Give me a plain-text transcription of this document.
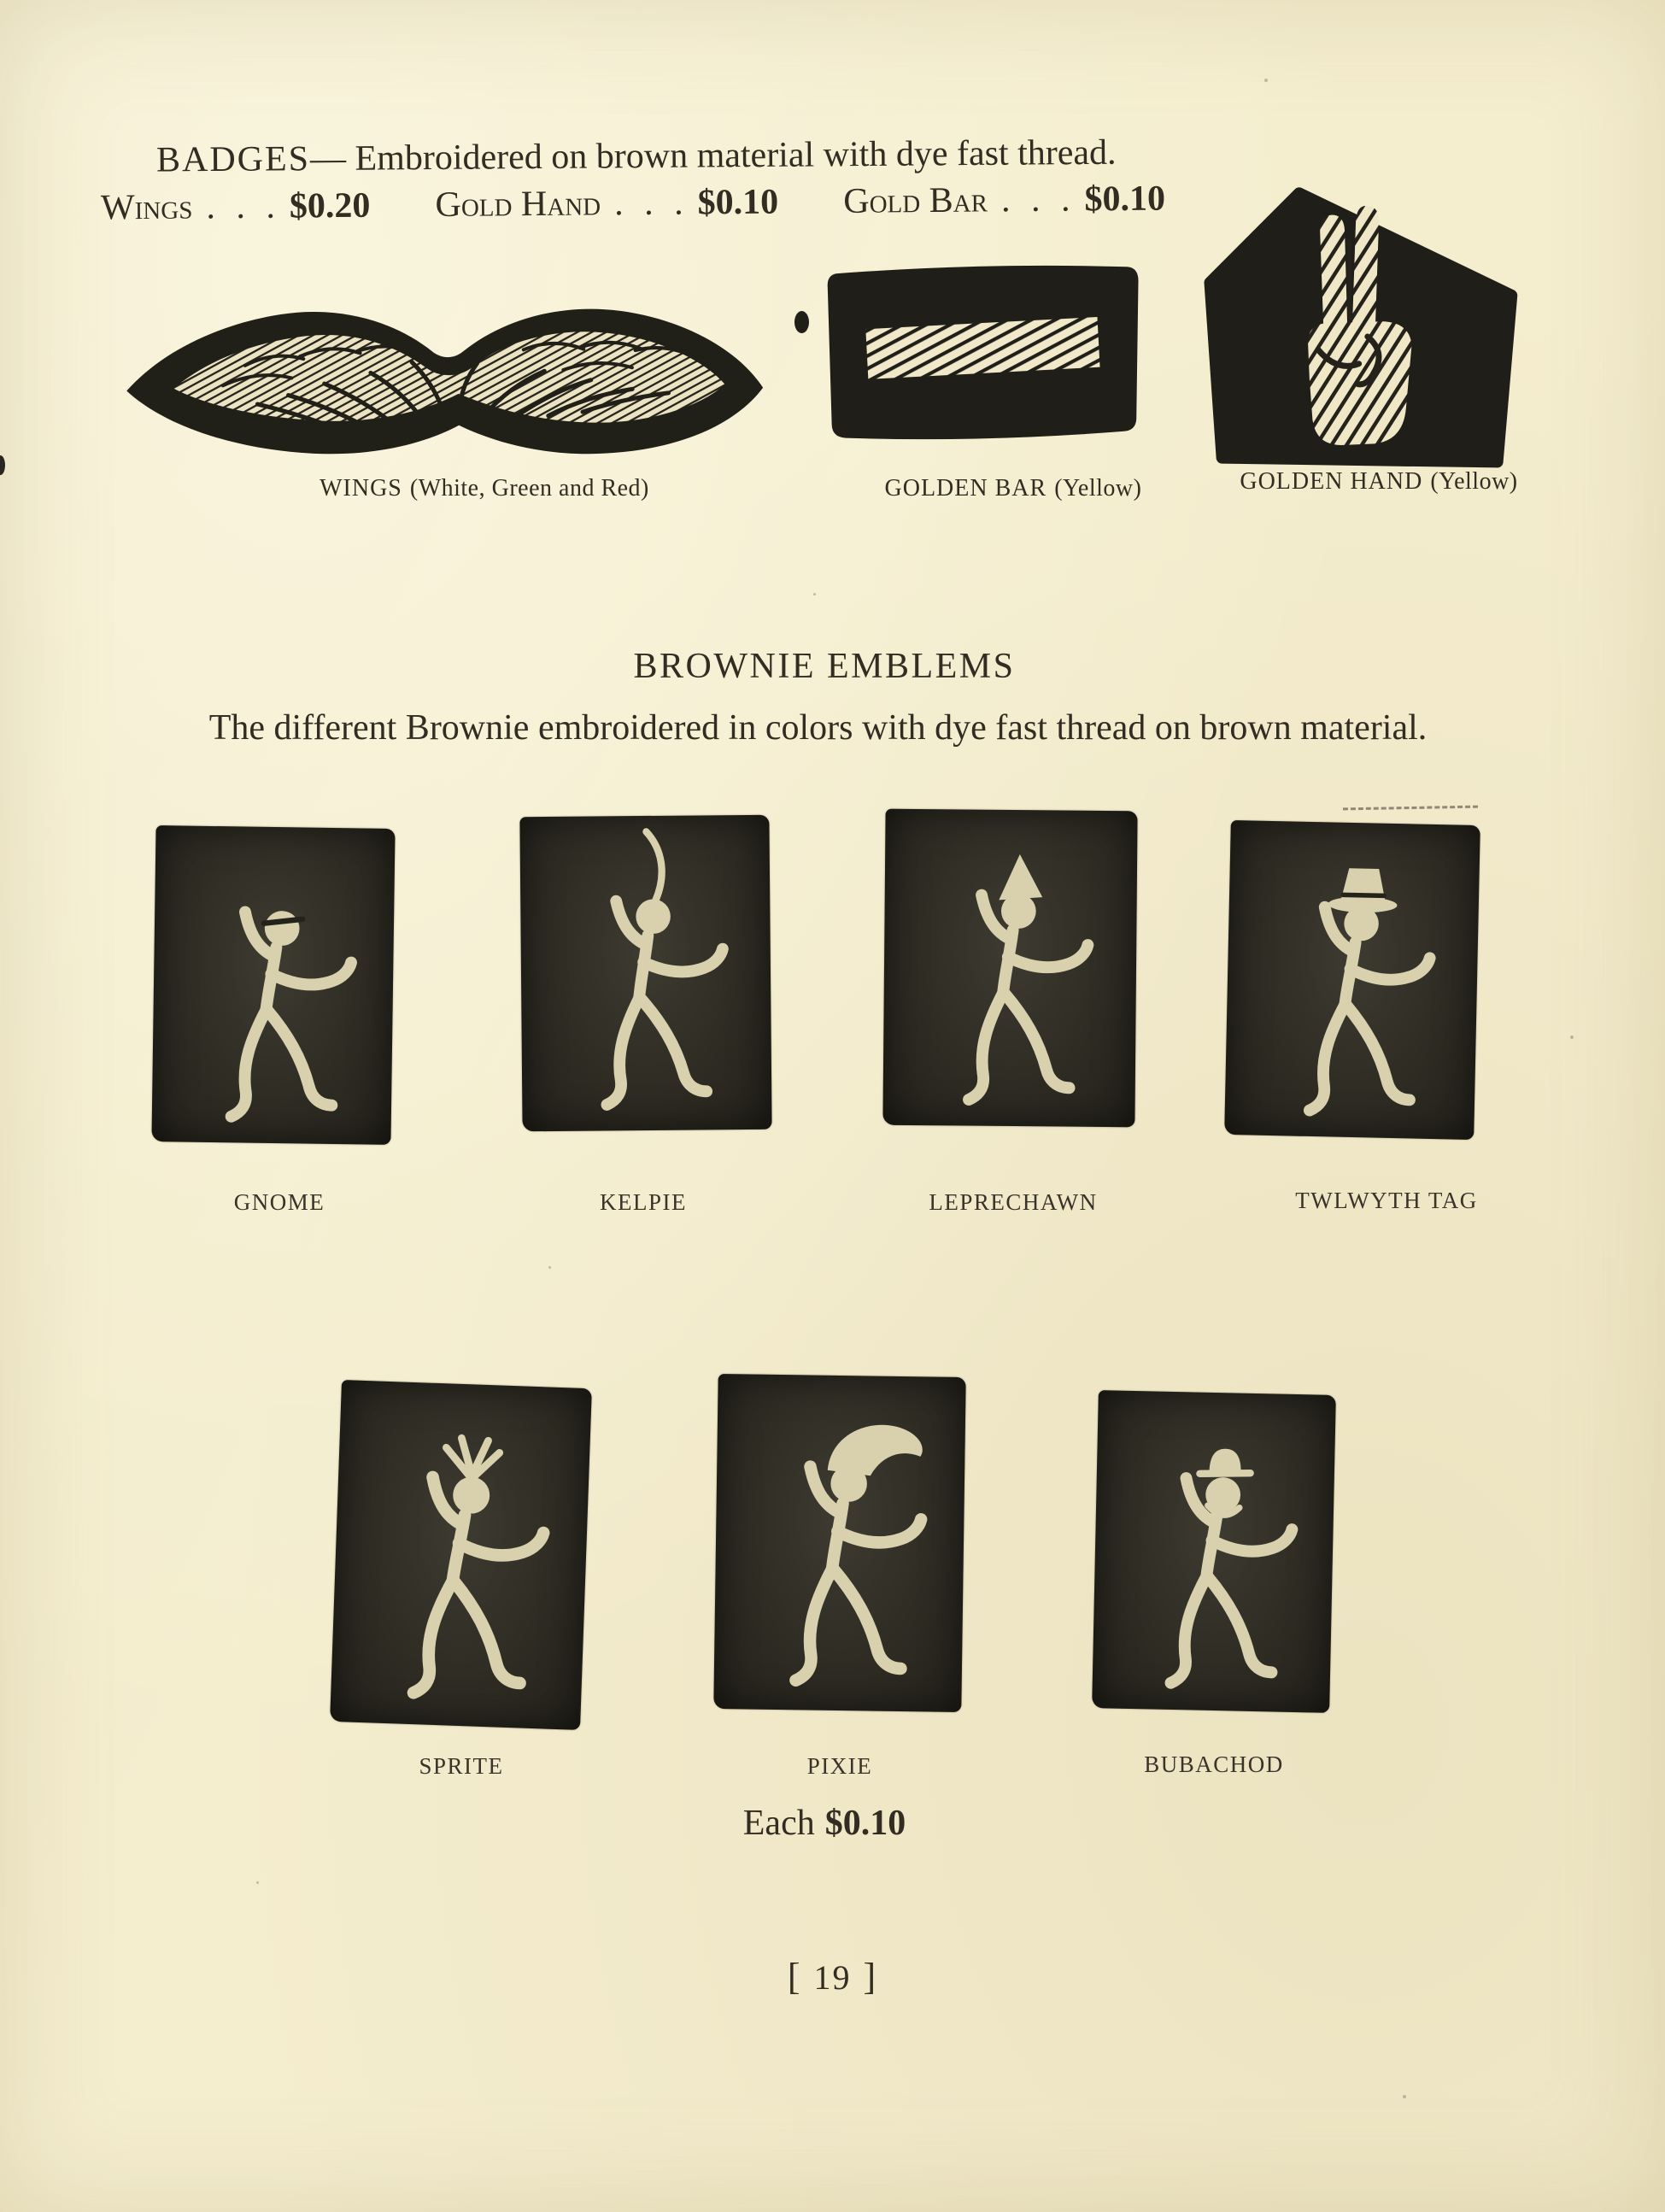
BADGES— Embroidered on brown material with dye fast thread.
Wings . . . $0.20 Gold Hand . . . $0.10 Gold Bar . . . $0.10
WINGS (White, Green and Red)	GOLDEN BAR (Yellow)	GOLDEN HAND (Yellow)
BROWNIE EMBLEMS
The different Brownie embroidered in colors with dye fast thread on brown material.
GNOME	KELPIE	LEPRECHAWN	TWLWYTH TAG
SPRITE	PIXIE	BUBACHOD
Each $0.10
[ 19 ]
